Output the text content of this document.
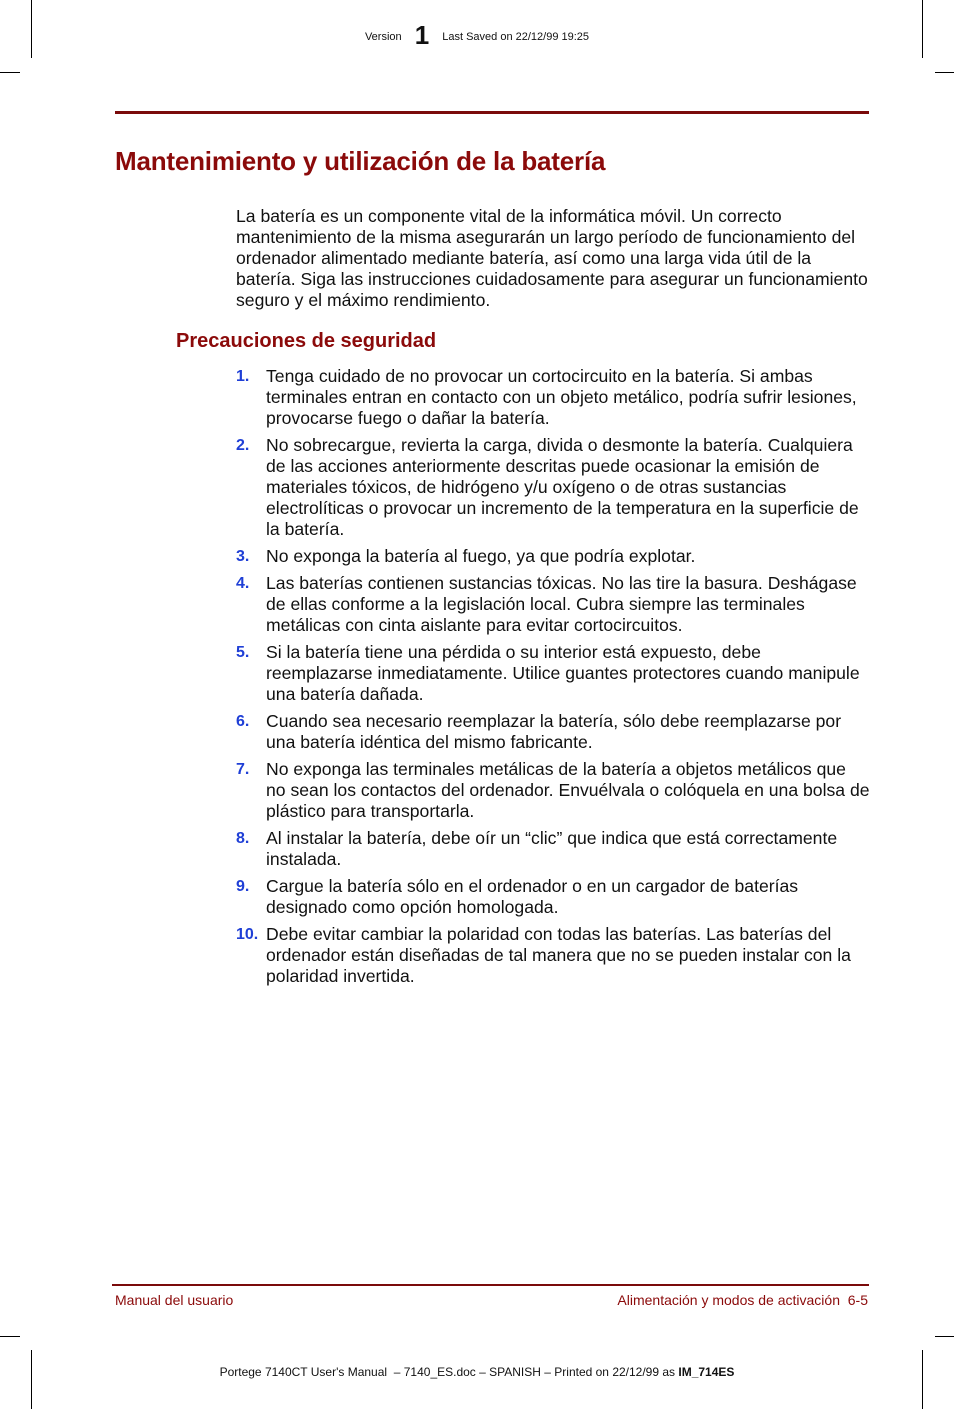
Version 1 Last Saved on 22/12/99 19:25
Mantenimiento y utilización de la batería

La batería es un componente vital de la informática móvil. Un correcto mantenimiento de la misma asegurarán un largo período de funcionamiento del ordenador alimentado mediante batería, así como una larga vida útil de la batería. Siga las instrucciones cuidadosamente para asegurar un funcionamiento seguro y el máximo rendimiento.

Precauciones de seguridad
1. Tenga cuidado de no provocar un cortocircuito en la batería. Si ambas terminales entran en contacto con un objeto metálico, podría sufrir lesiones, provocarse fuego o dañar la batería.
2. No sobrecargue, revierta la carga, divida o desmonte la batería. Cualquiera de las acciones anteriormente descritas puede ocasionar la emisión de materiales tóxicos, de hidrógeno y/u oxígeno o de otras sustancias electrolíticas o provocar un incremento de la temperatura en la superficie de la batería.
3. No exponga la batería al fuego, ya que podría explotar.
4. Las baterías contienen sustancias tóxicas. No las tire la basura. Deshágase de ellas conforme a la legislación local. Cubra siempre las terminales metálicas con cinta aislante para evitar cortocircuitos.
5. Si la batería tiene una pérdida o su interior está expuesto, debe reemplazarse inmediatamente. Utilice guantes protectores cuando manipule una batería dañada.
6. Cuando sea necesario reemplazar la batería, sólo debe reemplazarse por una batería idéntica del mismo fabricante.
7. No exponga las terminales metálicas de la batería a objetos metálicos que no sean los contactos del ordenador. Envuélvala o colóquela en una bolsa de plástico para transportarla.
8. Al instalar la batería, debe oír un “clic” que indica que está correctamente instalada.
9. Cargue la batería sólo en el ordenador o en un cargador de baterías designado como opción homologada.
10. Debe evitar cambiar la polaridad con todas las baterías. Las baterías del ordenador están diseñadas de tal manera que no se pueden instalar con la polaridad invertida.
Manual del usuario	Alimentación y modos de activación  6-5
Portege 7140CT User's Manual  – 7140_ES.doc – SPANISH – Printed on 22/12/99 as IM_714ES
